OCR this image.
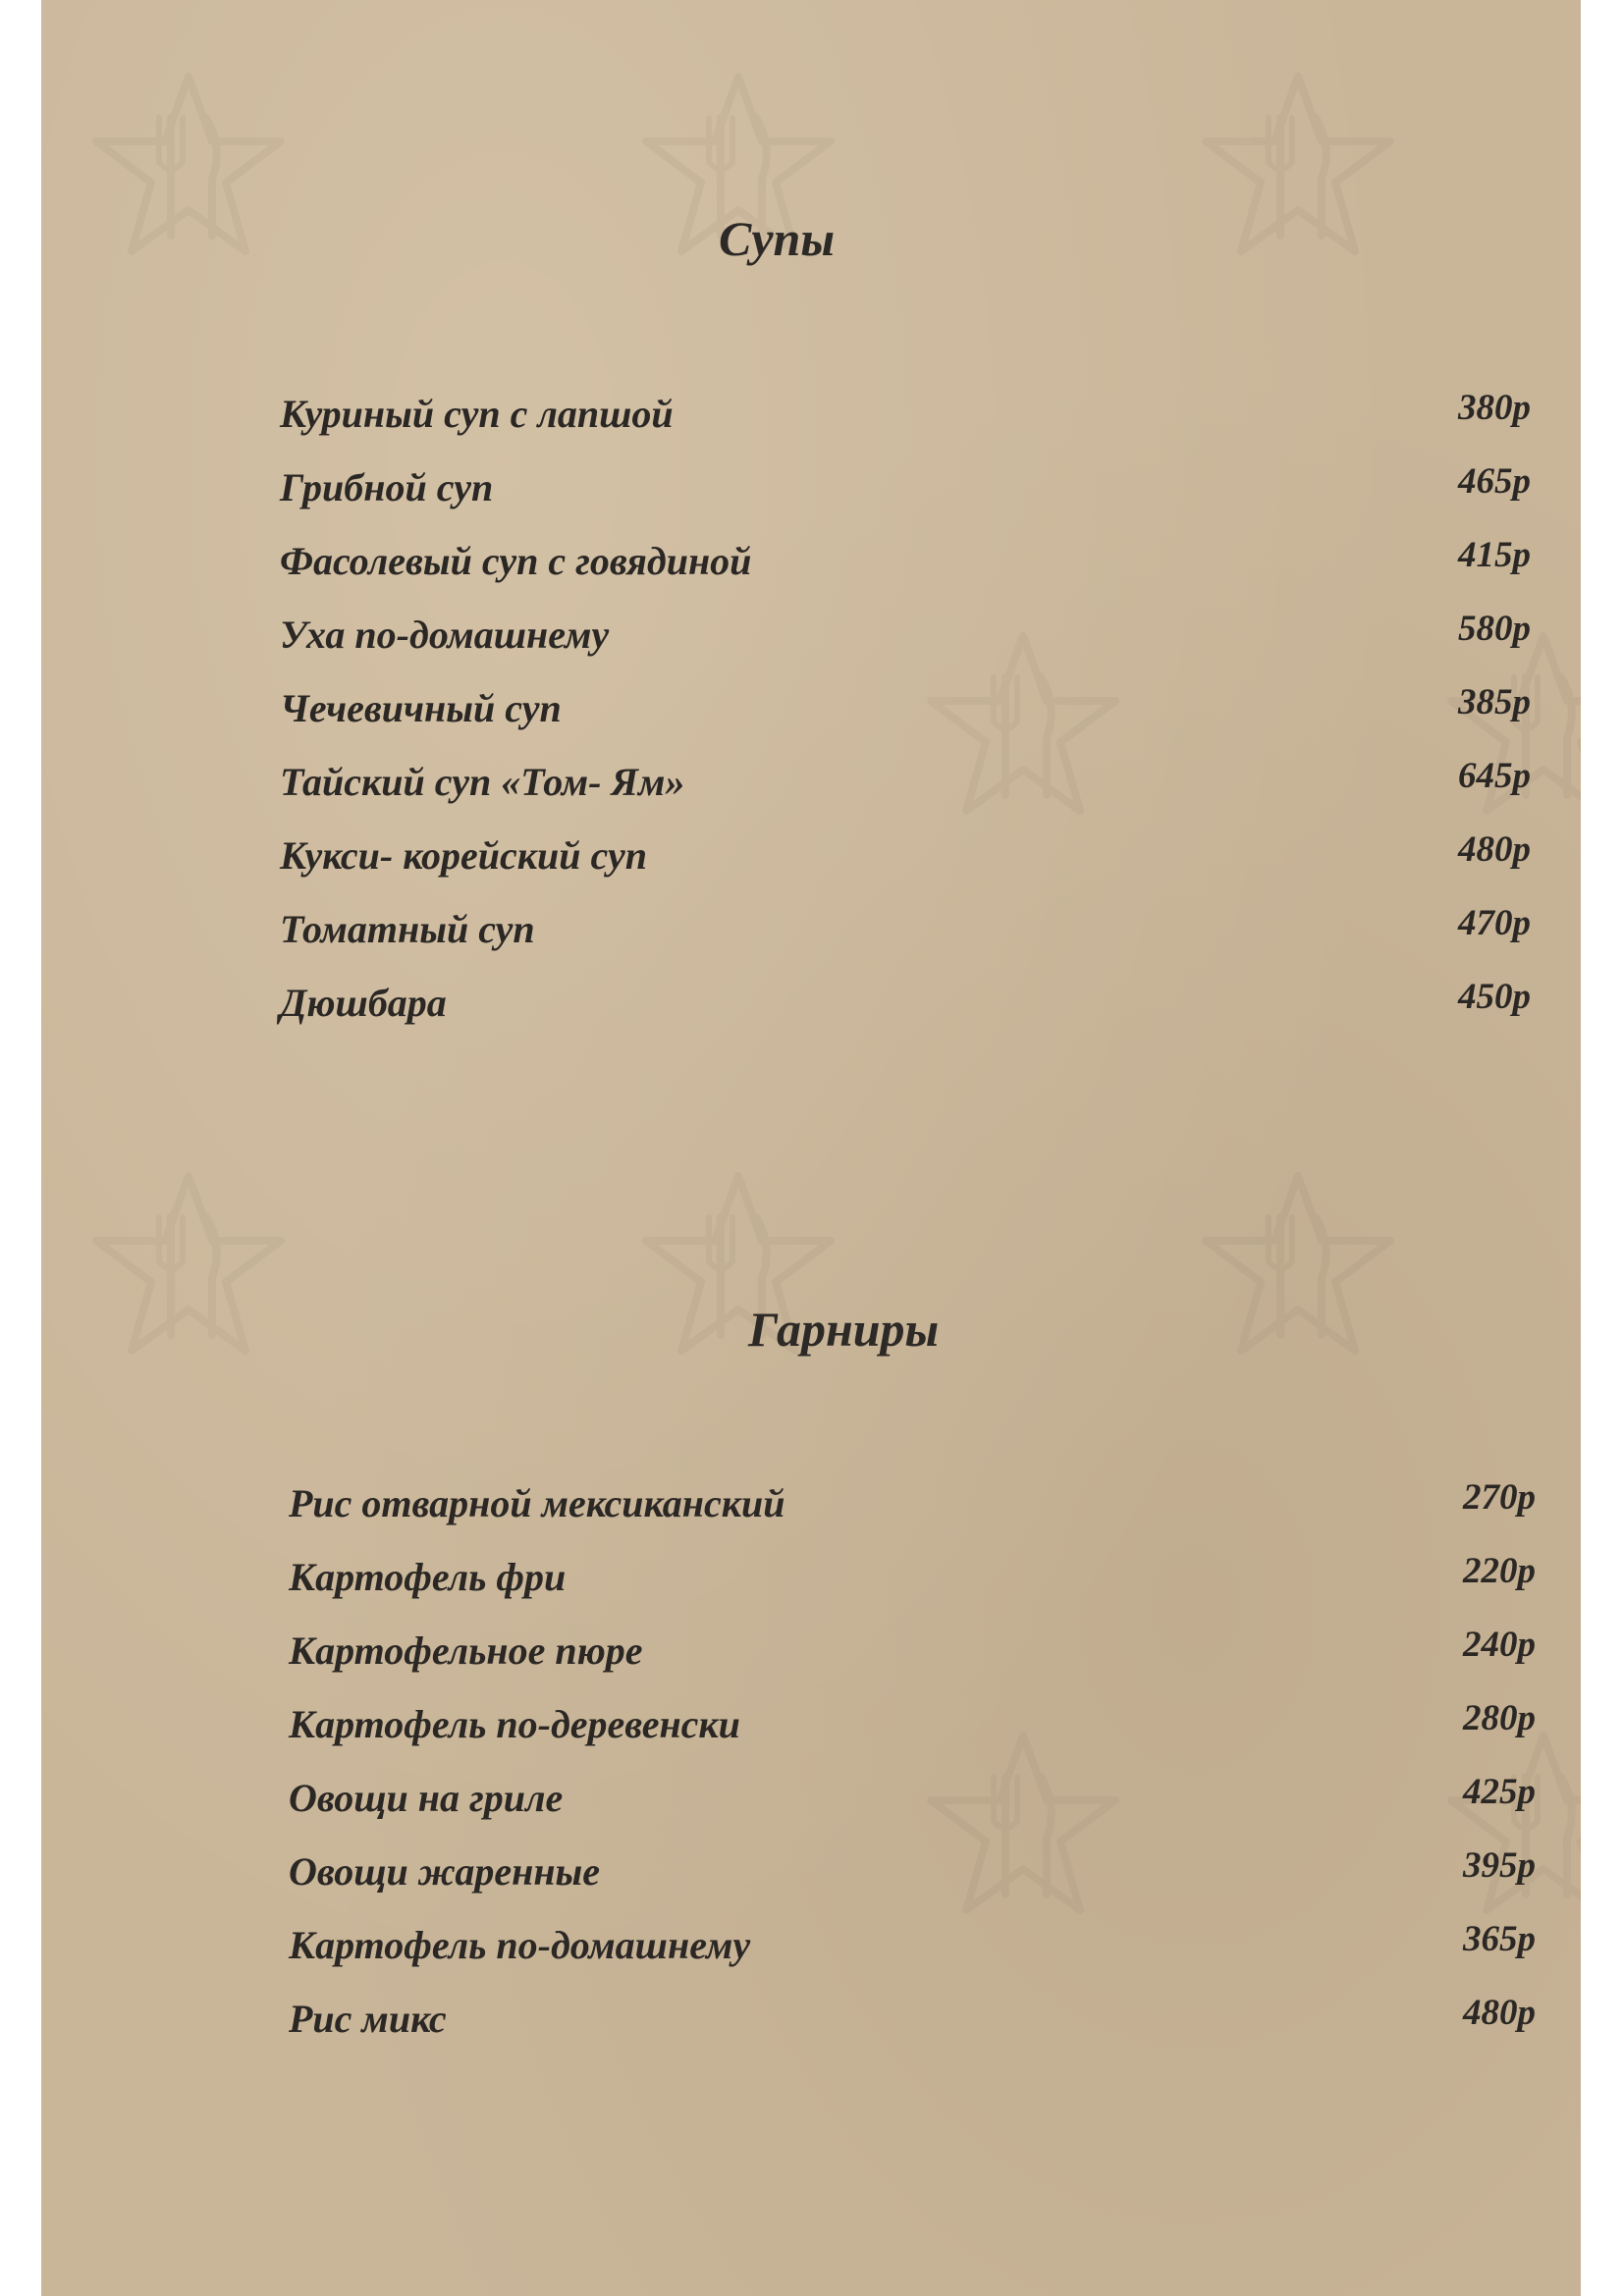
Супы
Куриный суп с лапшой	380р
Грибной суп	465р
Фасолевый суп с говядиной	415р
Уха по-домашнему	580р
Чечевичный суп	385р
Тайский суп «Том- Ям»	645р
Кукси- корейский суп	480р
Томатный суп	470р
Дюшбара	450р
Гарниры
Рис отварной мексиканский	270р
Картофель фри	220р
Картофельное пюре	240р
Картофель по-деревенски	280р
Овощи на гриле	425р
Овощи жаренные	395р
Картофель по-домашнему	365р
Рис микс	480р
